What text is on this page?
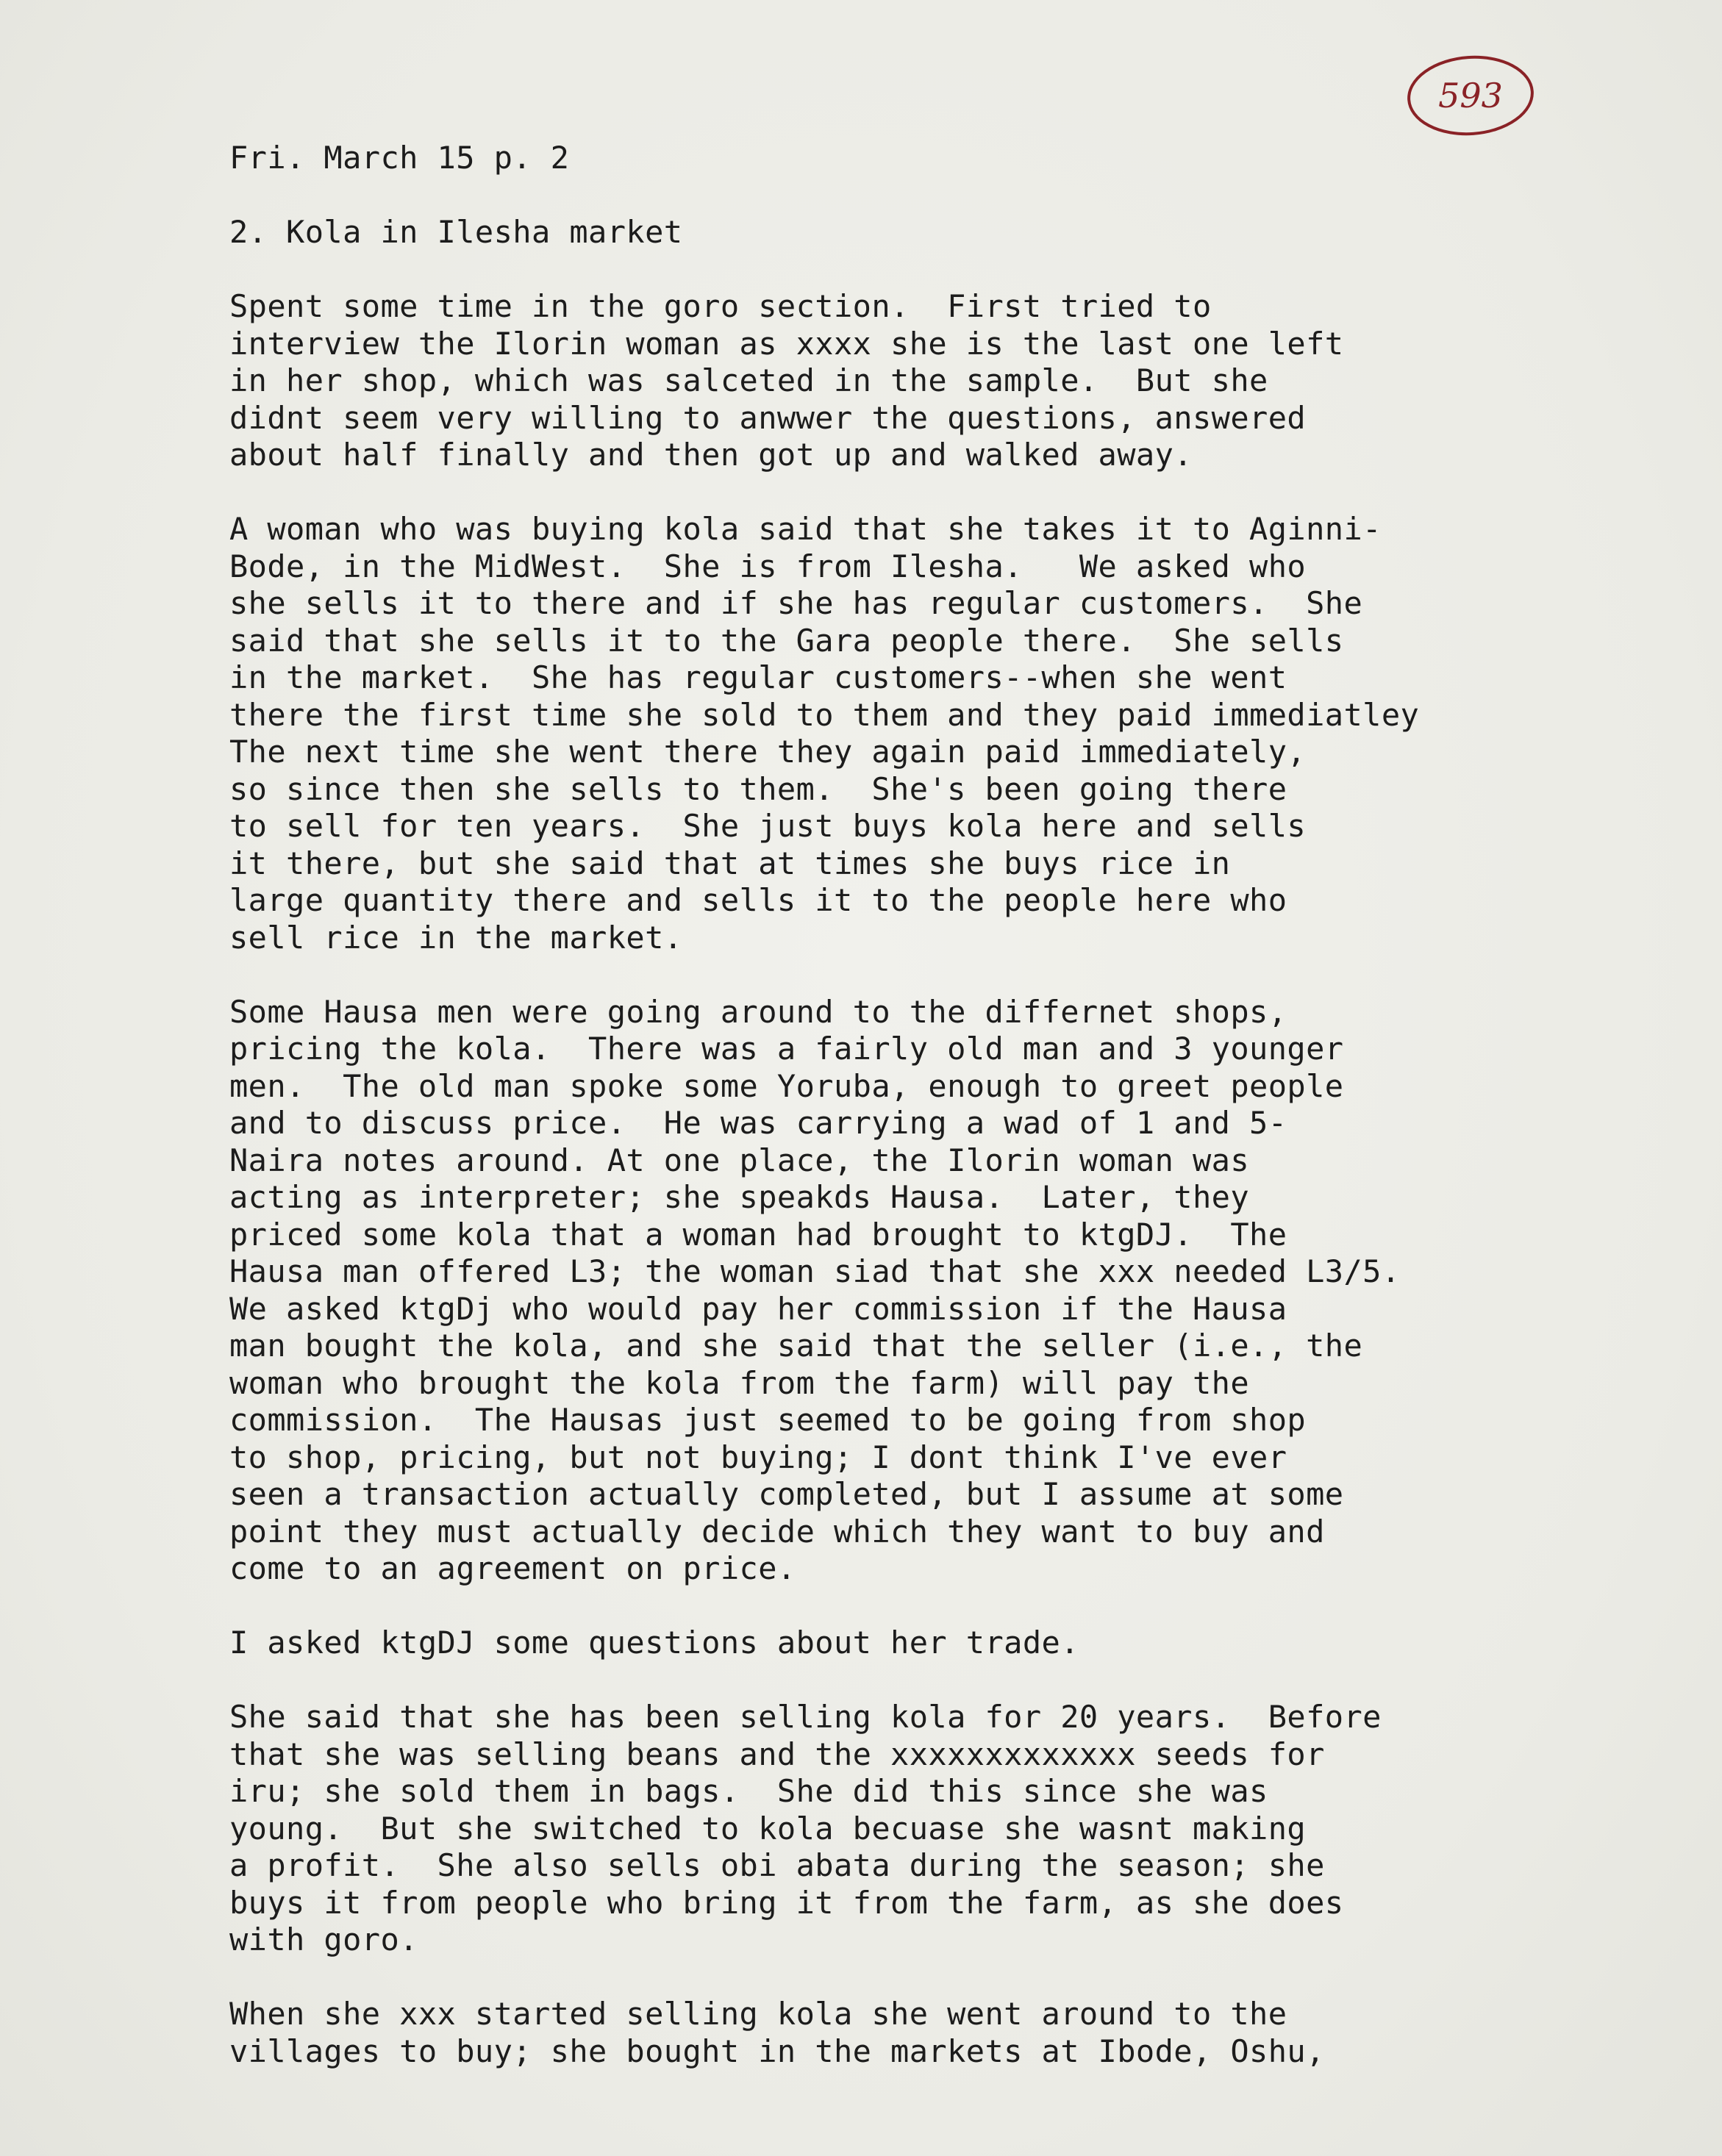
593
Fri. March 15 p. 2
2. Kola in Ilesha market
Spent some time in the goro section.  First tried to
interview the Ilorin woman as xxxx she is the last one left
in her shop, which was salceted in the sample.  But she
didnt seem very willing to anwwer the questions, answered
about half finally and then got up and walked away.
A woman who was buying kola said that she takes it to Aginni-
Bode, in the MidWest.  She is from Ilesha.   We asked who
she sells it to there and if she has regular customers.  She
said that she sells it to the Gara people there.  She sells
in the market.  She has regular customers--when she went
there the first time she sold to them and they paid immediatley
The next time she went there they again paid immediately,
so since then she sells to them.  She's been going there
to sell for ten years.  She just buys kola here and sells
it there, but she said that at times she buys rice in
large quantity there and sells it to the people here who
sell rice in the market.
Some Hausa men were going around to the differnet shops,
pricing the kola.  There was a fairly old man and 3 younger
men.  The old man spoke some Yoruba, enough to greet people
and to discuss price.  He was carrying a wad of 1 and 5-
Naira notes around. At one place, the Ilorin woman was
acting as interpreter; she speakds Hausa.  Later, they
priced some kola that a woman had brought to ktgDJ.  The
Hausa man offered L3; the woman siad that she xxx needed L3/5.
We asked ktgDj who would pay her commission if the Hausa
man bought the kola, and she said that the seller (i.e., the
woman who brought the kola from the farm) will pay the
commission.  The Hausas just seemed to be going from shop
to shop, pricing, but not buying; I dont think I've ever
seen a transaction actually completed, but I assume at some
point they must actually decide which they want to buy and
come to an agreement on price.
I asked ktgDJ some questions about her trade.
She said that she has been selling kola for 20 years.  Before
that she was selling beans and the xxxxxxxxxxxxx seeds for
iru; she sold them in bags.  She did this since she was
young.  But she switched to kola becuase she wasnt making
a profit.  She also sells obi abata during the season; she
buys it from people who bring it from the farm, as she does
with goro.
When she xxx started selling kola she went around to the
villages to buy; she bought in the markets at Ibode, Oshu,
